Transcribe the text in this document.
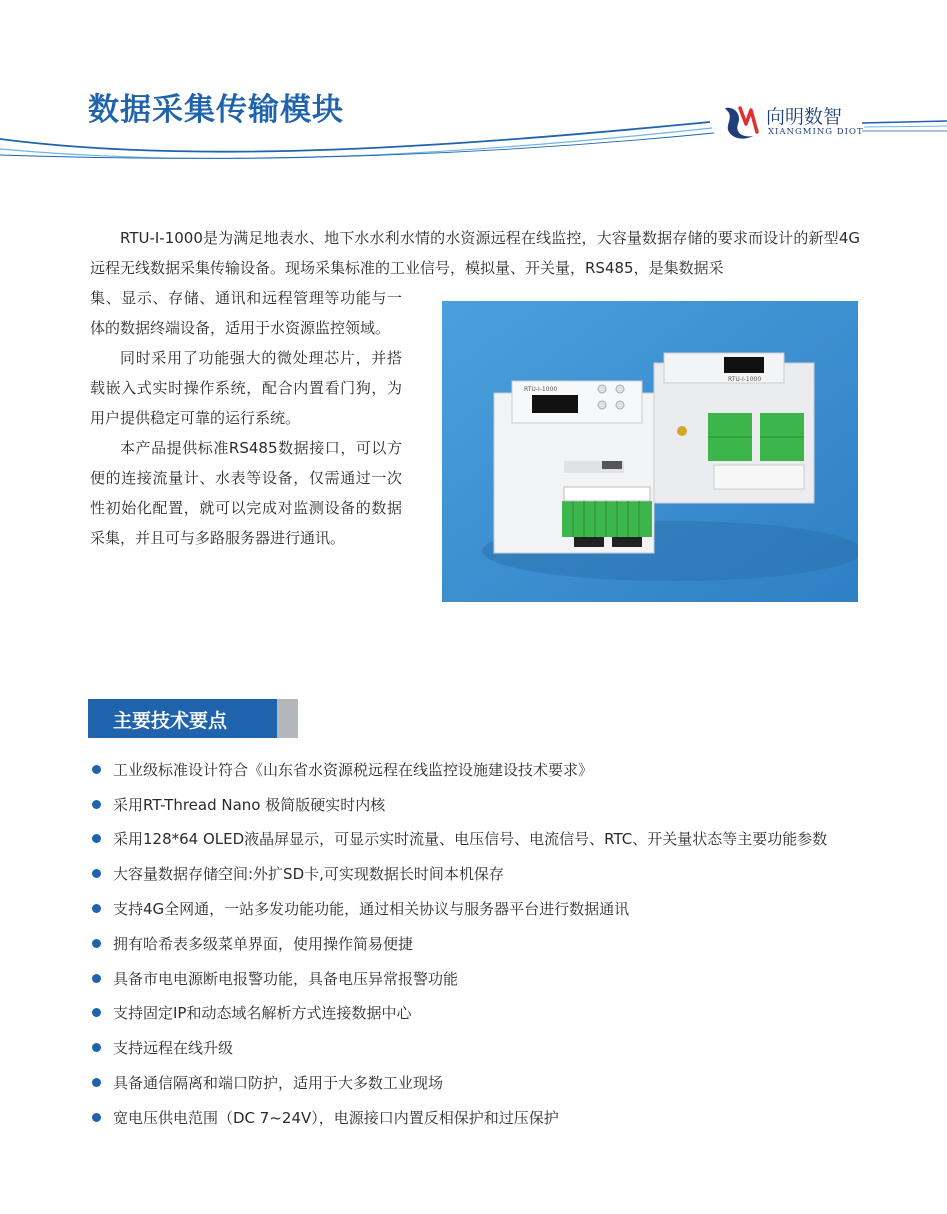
数据采集传输模块	向明数智
XIANGMING DIOT

RTU-I-1000是为满足地表水、地下水水利水情的水资源远程在线监控，大容量数据存储的要求而设计的新型4G远程无线数据采集传输设备。现场采集标准的工业信号，模拟量、开关量，RS485，是集数据采

集、显示、存储、通讯和远程管理等功能与一体的数据终端设备，适用于水资源监控领域。

同时采用了功能强大的微处理芯片，并搭载嵌入式实时操作系统，配合内置看门狗，为用户提供稳定可靠的运行系统。

本产品提供标准RS485数据接口，可以方便的连接流量计、水表等设备，仅需通过一次性初始化配置，就可以完成对监测设备的数据采集，并且可与多路服务器进行通讯。

RTU-I-1000
RTU-I-1000
主要技术要点
工业级标准设计符合《山东省水资源税远程在线监控设施建设技术要求》
采用RT-Thread Nano 极简版硬实时内核
采用128*64 OLED液晶屏显示，可显示实时流量、电压信号、电流信号、RTC、开关量状态等主要功能参数
大容量数据存储空间:外扩SD卡,可实现数据长时间本机保存
支持4G全网通，一站多发功能功能，通过相关协议与服务器平台进行数据通讯
拥有哈希表多级菜单界面，使用操作简易便捷
具备市电电源断电报警功能，具备电压异常报警功能
支持固定IP和动态域名解析方式连接数据中心
支持远程在线升级
具备通信隔离和端口防护，适用于大多数工业现场
宽电压供电范围（DC 7~24V），电源接口内置反相保护和过压保护
